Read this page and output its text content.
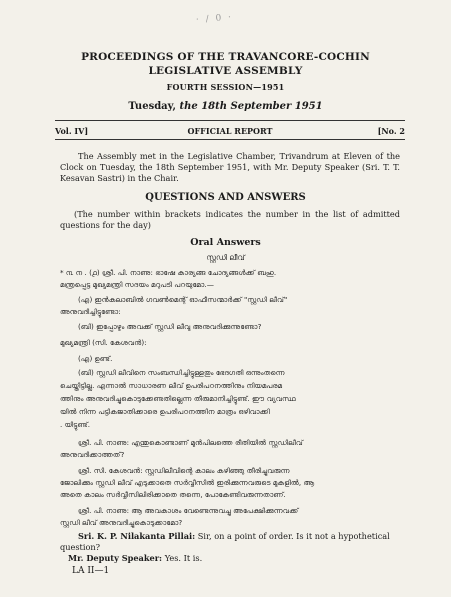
· / 0 ·
PROCEEDINGS OF THE TRAVANCORE-COCHIN
LEGISLATIVE ASSEMBLY
FOURTH SESSION—1951
Tuesday, the 18th September 1951
Vol. IV]	OFFICIAL REPORT	[No. 2
The Assembly met in the Legislative Chamber, Trivandrum at Eleven of the Clock on Tuesday, the 18th September 1951, with Mr. Deputy Speaker (Sri. T. T. Kesavan Sastri) in the Chair.
QUESTIONS AND ANSWERS
(The number within brackets indicates the number in the list of admitted questions for the day)
Oral Answers
സ്റ്റഡി ലീവ്
* ൩ ന . (൧) ശ്രീ. പി. നാണു: ഭാഷേ കാര്യങ്ങ ചോദ്യങ്ങൾക്ക് ബഹു.
മന്ത്രപ്പെട്ട മുഖ്യമന്ത്രി സദയം മറുപടി പറയുമോ.—
(എ) ഇൻകലാബിൽ ഗവൺമെന്റ് ഓഫീസന്മാർക്ക് "സ്റ്റഡി ലീവ്"
അനുവദിച്ചിട്ടുണ്ടോ:
(ബി) ഇപ്പോഴും അവക്ക് സ്റ്റഡി ലീവു അനുവദിക്കുന്നുണ്ടോ?
മുഖ്യമന്ത്രി (സി. കേശവൻ):
(എ) ഉണ്ട്.
(ബി) സ്റ്റഡി ലീവിനെ സംബന്ധിച്ചിട്ടുള്ളതും ഭേദഗതി ഒന്നുംതന്നെ
ചെയ്തിട്ടില്ല. എന്നാൽ സാധാരണ ലീവ് ഉപരിപഠനത്തിനും നിയമപരമ
ത്തിനും അനുവദിച്ചുകൊടുക്കേണ്ടതില്ലെന്ന തീരുമാനിച്ചിട്ടുണ്ട്. ഈ വ്യവസ്ഥ
യിൽ നിന്ന പട്ടികജാതിക്കാരെ ഉപരിപഠനത്തിന മാത്രം ഒഴിവാക്കി
. യിട്ടുണ്ട്.
ശ്രീ. പി. നാണു: എന്തുകൊണ്ടാണ് മുൻപിലത്തെ രീതിയിൽ സ്റ്റഡിലീവ്
അനുവദിക്കാത്തത്?
ശ്രീ. സി. കേശവൻ: സ്റ്റഡിലീവിന്റെ കാലം കഴിഞ്ഞു തീരിച്ചുവരുന്ന
ജോലിക്കും സ്റ്റഡി ലീവ് എടുക്കാതെ സർവ്വീസിൽ ഇരിക്കുന്നവരുടെ മുകളിൽ, ആ
അതെ കാലം സർവ്വീസിലിരിക്കാതെ തന്നെ, പോകേണ്ടിവരുന്നതാണ്.
ശ്രീ. പി. നാണു: ആ അവകാശം വേണ്ടെന്നുവച്ചു അപേക്ഷിക്കുന്നവക്ക്
സ്റ്റഡി ലീവ് അനുവദിച്ചുകൊടുക്കാമോ?
Sri. K. P. Nilakanta Pillai: Sir, on a point of order. Is it not a hypothetical question?
Mr. Deputy Speaker: Yes. It is.
LA II—1
